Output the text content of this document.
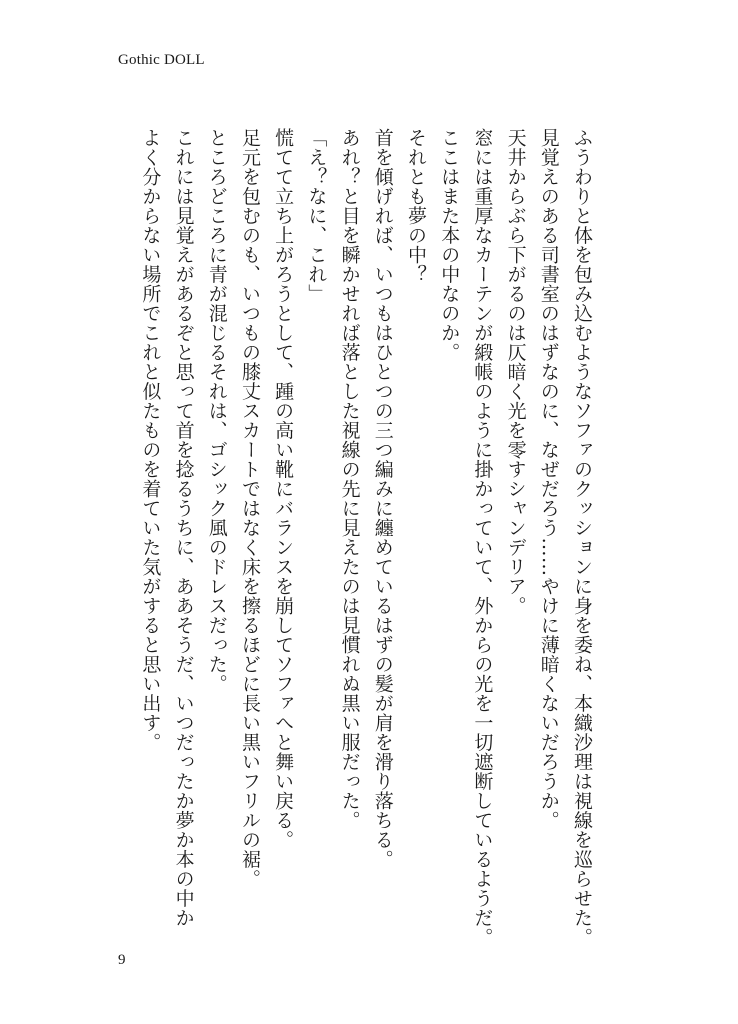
Gothic DOLL
ふうわりと体を包み込むようなソファのクッションに身を委ね、本織沙理は視線を巡らせた。
見覚えのある司書室のはずなのに、なぜだろう……やけに薄暗くないだろうか。
天井からぶら下がるのは仄暗く光を零すシャンデリア。
窓には重厚なカーテンが緞帳のように掛かっていて、外からの光を一切遮断しているようだ。
ここはまた本の中なのか。
それとも夢の中？
首を傾げれば、いつもはひとつの三つ編みに纏めているはずの髪が肩を滑り落ちる。
あれ？と目を瞬かせれば落とした視線の先に見えたのは見慣れぬ黒い服だった。
「え？なに、これ」
慌てて立ち上がろうとして、踵の高い靴にバランスを崩してソファへと舞い戻る。
足元を包むのも、いつもの膝丈スカートではなく床を擦るほどに長い黒いフリルの裾。
ところどころに青が混じるそれは、ゴシック風のドレスだった。
これには見覚えがあるぞと思って首を捻るうちに、ああそうだ、いつだったか夢か本の中か
よく分からない場所でこれと似たものを着ていた気がすると思い出す。
9
